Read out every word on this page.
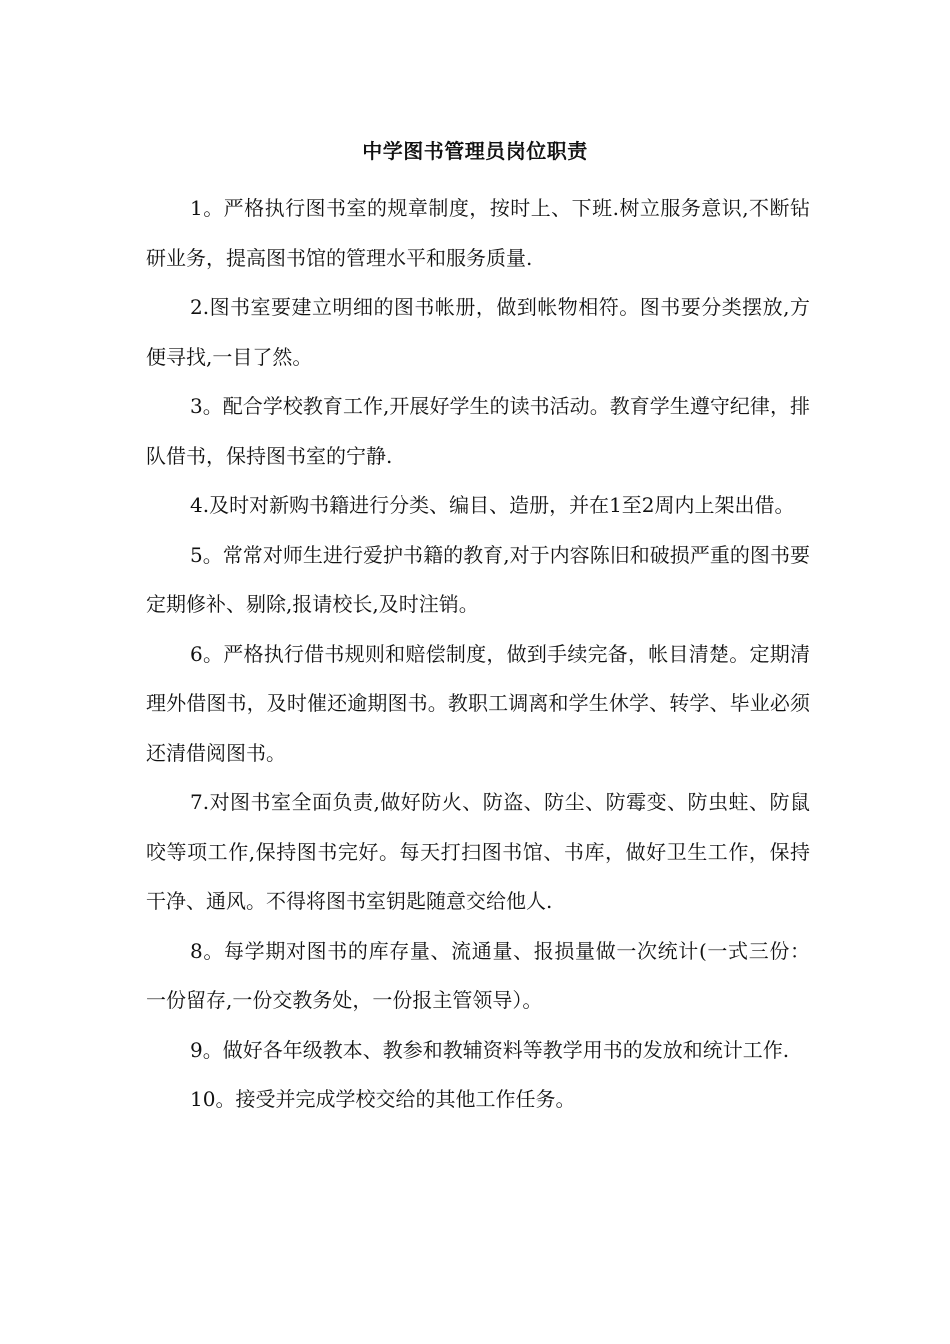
中学图书管理员岗位职责

1。严格执行图书室的规章制度，按时上、下班.树立服务意识,不断钻研业务，提高图书馆的管理水平和服务质量.

2.图书室要建立明细的图书帐册，做到帐物相符。图书要分类摆放,方便寻找,一目了然。

3。配合学校教育工作,开展好学生的读书活动。教育学生遵守纪律，排队借书，保持图书室的宁静.

4.及时对新购书籍进行分类、编目、造册，并在1至2周内上架出借。

5。常常对师生进行爱护书籍的教育,对于内容陈旧和破损严重的图书要定期修补、剔除,报请校长,及时注销。

6。严格执行借书规则和赔偿制度，做到手续完备，帐目清楚。定期清理外借图书，及时催还逾期图书。教职工调离和学生休学、转学、毕业必须还清借阅图书。

7.对图书室全面负责,做好防火、防盗、防尘、防霉变、防虫蛀、防鼠咬等项工作,保持图书完好。每天打扫图书馆、书库，做好卫生工作，保持干净、通风。不得将图书室钥匙随意交给他人.

8。每学期对图书的库存量、流通量、报损量做一次统计(一式三份：一份留存,一份交教务处，一份报主管领导）。

9。做好各年级教本、教参和教辅资料等教学用书的发放和统计工作.

10。接受并完成学校交给的其他工作任务。
